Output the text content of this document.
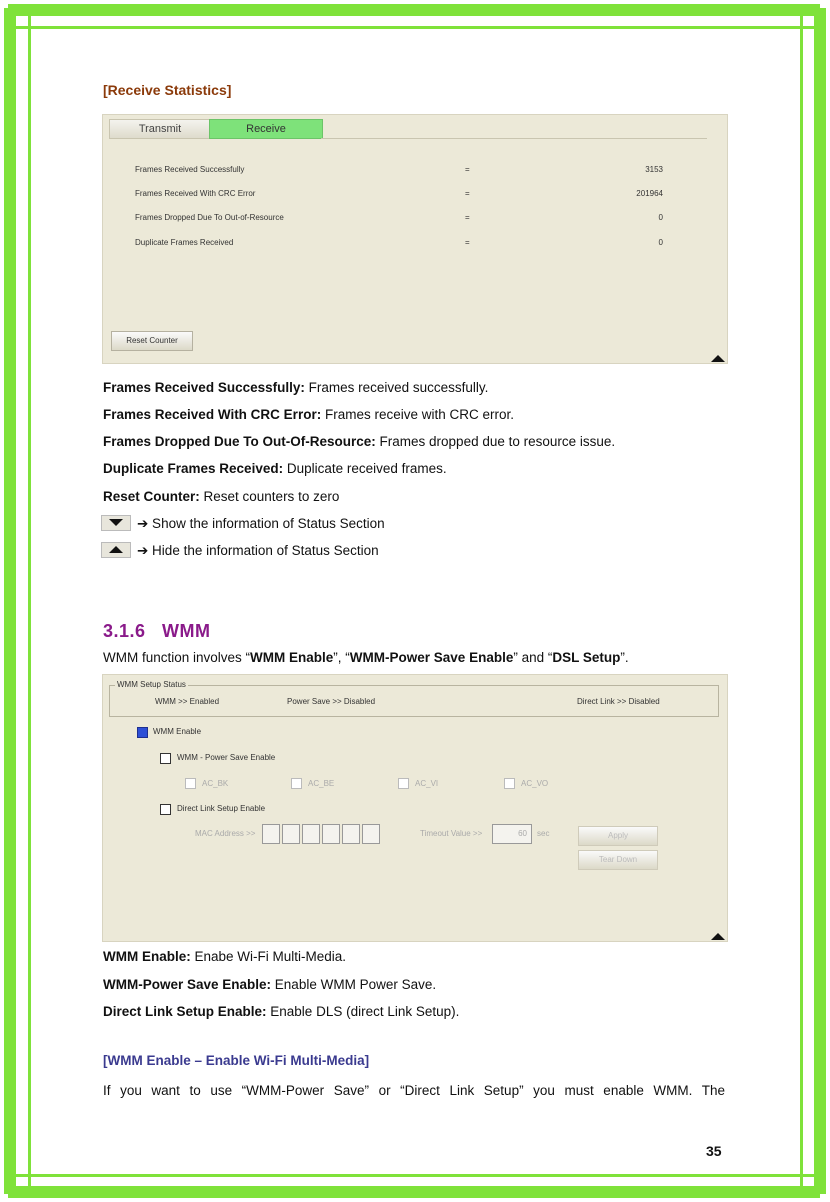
[Receive Statistics]
Transmit	Receive
Frames Received Successfully	=	3153
Frames Received With CRC Error	=	201964
Frames Dropped Due To Out-of-Resource	=	0
Duplicate Frames Received	=	0
Reset Counter
Frames Received Successfully: Frames received successfully.
Frames Received With CRC Error: Frames receive with CRC error.
Frames Dropped Due To Out-Of-Resource: Frames dropped due to resource issue.
Duplicate Frames Received: Duplicate received frames.
Reset Counter: Reset counters to zero
➔ Show the information of Status Section
➔ Hide the information of Status Section
3.1.6   WMM
WMM function involves “WMM Enable”, “WMM-Power Save Enable” and “DSL Setup”.
WMM Setup Status
WMM >> Enabled	Power Save >> Disabled	Direct Link >> Disabled
WMM Enable
WMM - Power Save Enable
AC_BK	AC_BE	AC_VI	AC_VO
Direct Link Setup Enable
MAC Address >>	Timeout Value >>	60	sec	Apply
Tear Down
WMM Enable: Enabe Wi-Fi Multi-Media.
WMM-Power Save Enable: Enable WMM Power Save.
Direct Link Setup Enable: Enable DLS (direct Link Setup).
[WMM Enable – Enable Wi-Fi Multi-Media]
If you want to use “WMM-Power Save” or “Direct Link Setup” you must enable WMM. The
35
